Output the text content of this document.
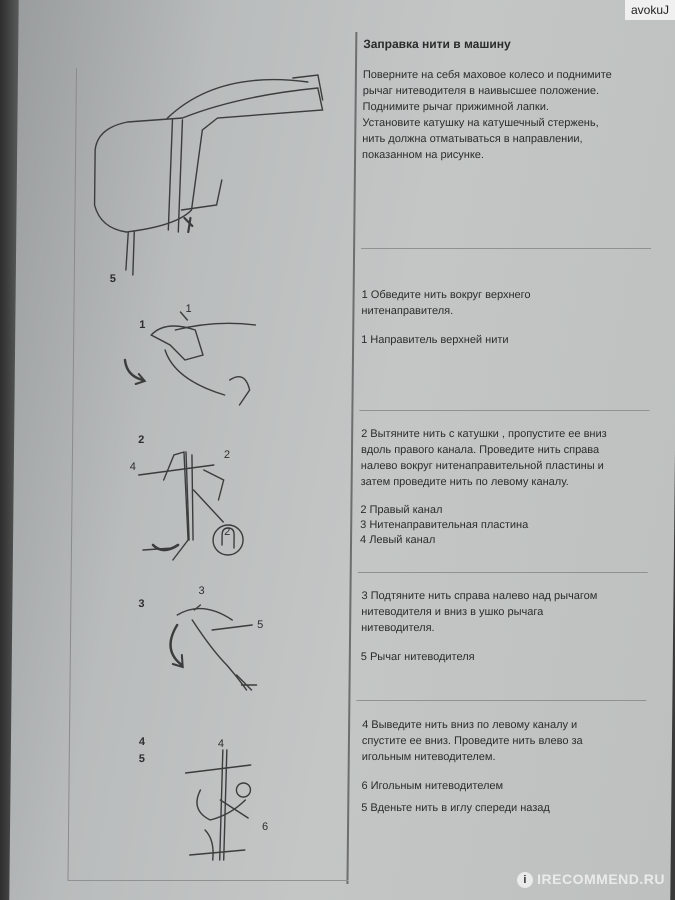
Заправка нити в машину
Поверните на себя маховое колесо и поднимите
рычаг нитеводителя в наивысшее положение.
Поднимите рычаг прижимной лапки.
Установите катушку на катушечный стержень,
нить должна отматываться в направлении,
показанном на рисунке.
1 Обведите нить вокруг верхнего
нитенаправителя.
1 Направитель верхней нити
2 Вытяните нить с катушки , пропустите ее вниз
вдоль правого канала. Проведите нить справа
налево вокруг нитенаправительной пластины и
затем проведите нить по левому каналу.
2 Правый канал
3 Нитенаправительная пластина
4 Левый канал
3 Подтяните нить справа налево над рычагом
нитеводителя и вниз в ушко рычага
нитеводителя.
5 Рычаг нитеводителя
4 Выведите нить вниз по левому каналу и
спустите ее вниз. Проведите нить влево за
игольным нитеводителем.
6 Игольным нитеводителем
5 Вденьте нить в иглу спереди назад
5
1
1
2
2
4
2
3
3
5
4
5
4
6
avokuJ
i IRECOMMEND.RU
